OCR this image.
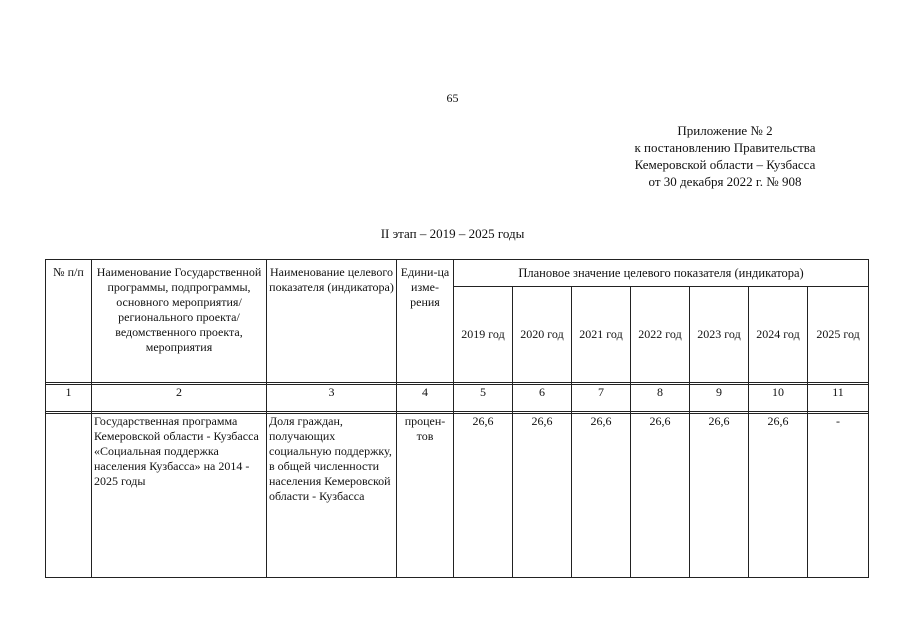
65
Приложение № 2
к постановлению Правительства
Кемеровской области – Кузбасса
от 30 декабря 2022 г. № 908
II этап – 2019 – 2025 годы
№ п/п	Наименование Государственной программы, подпрограммы, основного мероприятия/ регионального проекта/ ведомственного проекта, мероприятия	Наименование целевого показателя (индикатора)	Едини-ца изме-рения	Плановое значение целевого показателя (индикатора)						
				2019 год	2020 год	2021 год	2022 год	2023 год	2024 год	2025 год

1	2	3	4	5	6	7	8	9	10	11

	Государственная программа Кемеровской области - Кузбасса «Социальная поддержка населения Кузбасса» на 2014 - 2025 годы	Доля граждан, получающих социальную поддержку, в общей численности населения Кемеровской области - Кузбасса	процен-тов	26,6	26,6	26,6	26,6	26,6	26,6	-
